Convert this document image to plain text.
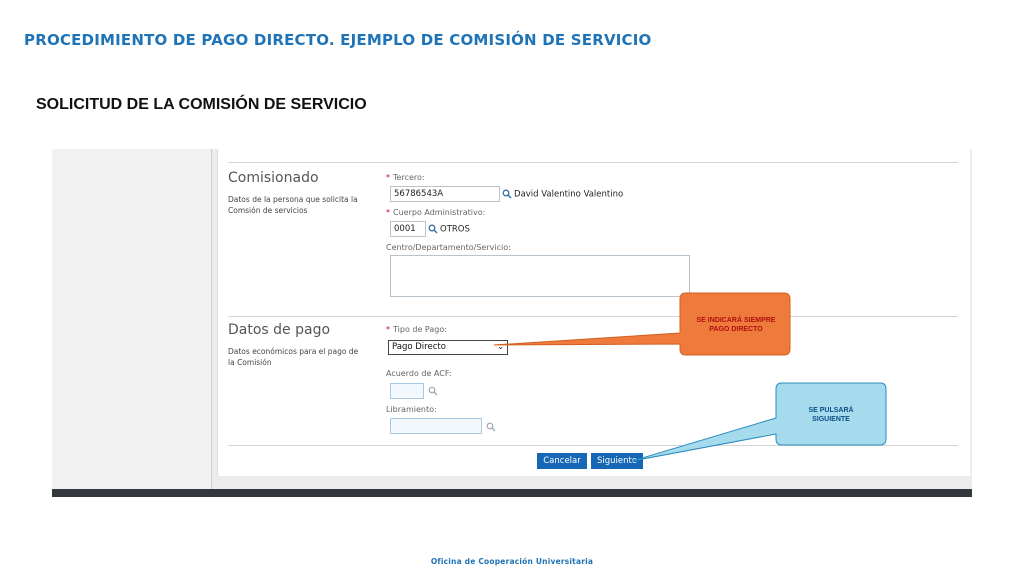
PROCEDIMIENTO DE PAGO DIRECTO. EJEMPLO DE COMISIÓN DE SERVICIO
SOLICITUD DE LA COMISIÓN DE SERVICIO
Comisionado
Datos de la persona que solicita la Comsión de servicios
* Tercero:
56786543A	David Valentino Valentino
* Cuerpo Administrativo:
0001	OTROS
Centro/Departamento/Servicio:
Datos de pago
Datos económicos para el pago de la Comisión
* Tipo de Pago:
Pago Directo	⌄
Acuerdo de ACF:
Libramiento:
Cancelar	Siguiente
SE INDICARÁ SIEMPRE PAGO DIRECTO
SE PULSARÁ SIGUIENTE
Oficina de Cooperación Universitaria
